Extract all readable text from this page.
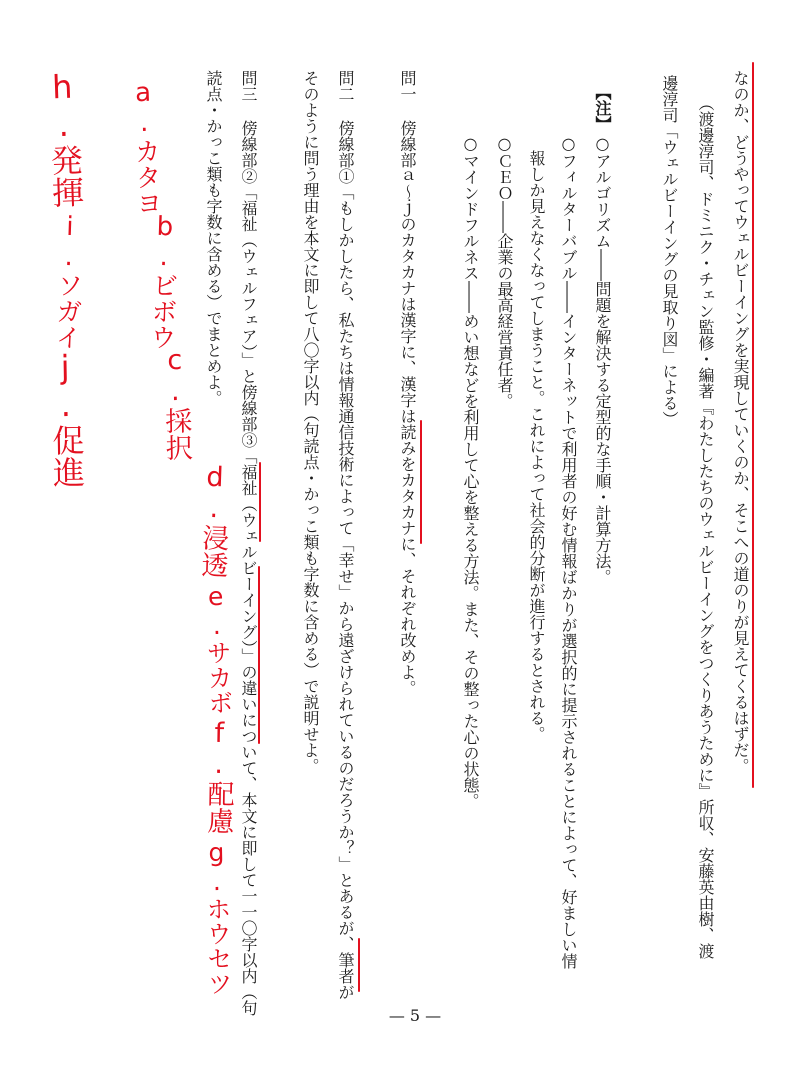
なのか、どうやってウェルビーイングを実現していくのか、そこへの道のりが見えてくるはずだ。
（渡邊淳司、ドミニク・チェン監修・編著『わたしたちのウェルビーイングをつくりあうために』所収、安藤英由樹、渡
邊淳司「ウェルビーイングの見取り図」による）
【注】
○アルゴリズム――問題を解決する定型的な手順・計算方法。
○フィルターバブル――インターネットで利用者の好む情報ばかりが選択的に提示されることによって、好ましい情
報しか見えなくなってしまうこと。これによって社会的分断が進行するとされる。
○ＣＥＯ――企業の最高経営責任者。
○マインドフルネス――めい想などを利用して心を整える方法。また、その整った心の状態。
問一
傍線部ａ～ｊのカタカナは漢字に、漢字は読みをカタカナに、それぞれ改めよ。
問二
傍線部①「もしかしたら、私たちは情報通信技術によって「幸せ」から遠ざけられているのだろうか？」とあるが、筆者が
そのように問う理由を本文に即して八〇字以内（句読点・かっこ類も字数に含める）で説明せよ。
問三
傍線部②「福祉（ウェルフェア）」と傍線部③「福祉（ウェルビーイング）」の違いについて、本文に即して一一〇字以内（句
読点・かっこ類も字数に含める）でまとめよ。
a.カタヨ
b.ビボウ
c.採択
d.浸透
e.サカボ
f.配慮
g.ホウセツ
h.発揮
i.ソガイ
j.促進
— 5 —
